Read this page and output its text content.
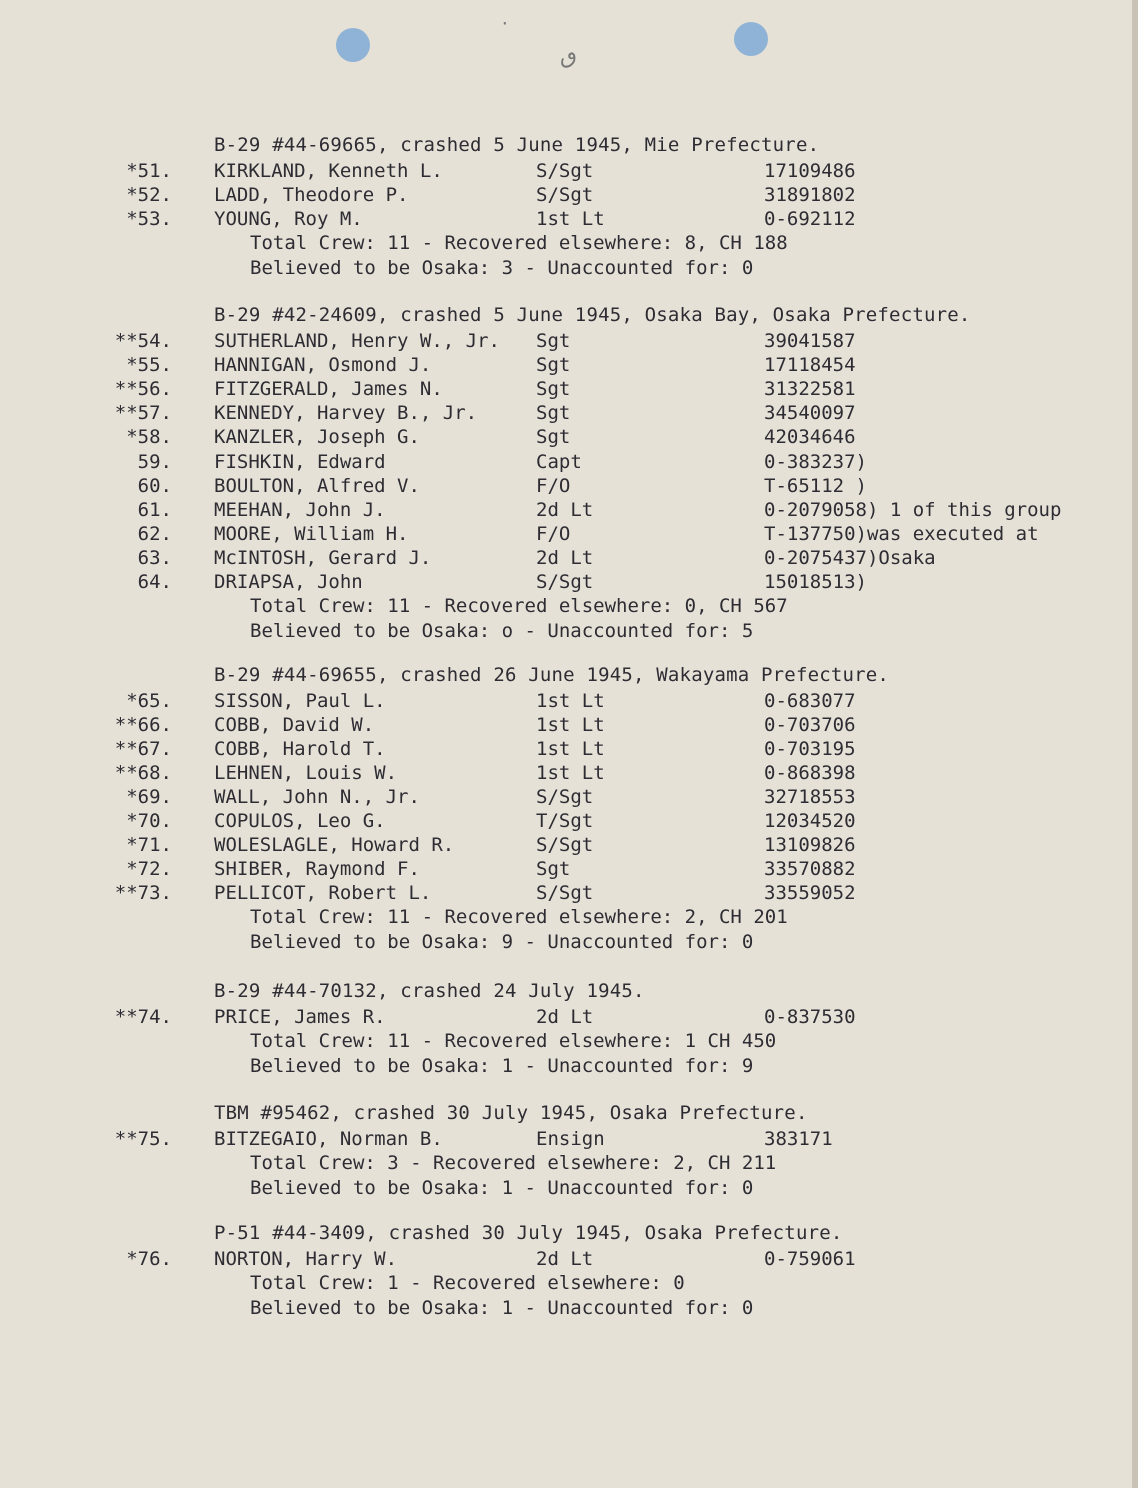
·
ٯ
B-29 #44-69665, crashed 5 June 1945, Mie Prefecture.
*51. KIRKLAND, Kenneth L.	S/Sgt	17109486
*52. LADD, Theodore P.	S/Sgt	31891802
*53. YOUNG, Roy M.	1st Lt	0-692112
Total Crew: 11 - Recovered elsewhere: 8, CH 188
Believed to be Osaka: 3 - Unaccounted for: 0
B-29 #42-24609, crashed 5 June 1945, Osaka Bay, Osaka Prefecture.
**54. SUTHERLAND, Henry W., Jr. Sgt	39041587
*55. HANNIGAN, Osmond J.	Sgt	17118454
**56. FITZGERALD, James N.	Sgt	31322581
**57. KENNEDY, Harvey B., Jr.	Sgt	34540097
*58. KANZLER, Joseph G.	Sgt	42034646
59. FISHKIN, Edward	Capt	0-383237)
60. BOULTON, Alfred V.	F/O	T-65112 )
61. MEEHAN, John J.	2d Lt	0-2079058) 1 of this group
62. MOORE, William H.	F/O	T-137750)was executed at
63. McINTOSH, Gerard J.	2d Lt	0-2075437)Osaka
64. DRIAPSA, John	S/Sgt	15018513)
Total Crew: 11 - Recovered elsewhere: 0, CH 567
Believed to be Osaka: o - Unaccounted for: 5
B-29 #44-69655, crashed 26 June 1945, Wakayama Prefecture.
*65. SISSON, Paul L.	1st Lt	0-683077
**66. COBB, David W.	1st Lt	0-703706
**67. COBB, Harold T.	1st Lt	0-703195
**68. LEHNEN, Louis W.	1st Lt	0-868398
*69. WALL, John N., Jr.	S/Sgt	32718553
*70. COPULOS, Leo G.	T/Sgt	12034520
*71. WOLESLAGLE, Howard R.	S/Sgt	13109826
*72. SHIBER, Raymond F.	Sgt	33570882
**73. PELLICOT, Robert L.	S/Sgt	33559052
Total Crew: 11 - Recovered elsewhere: 2, CH 201
Believed to be Osaka: 9 - Unaccounted for: 0
B-29 #44-70132, crashed 24 July 1945.
**74. PRICE, James R.	2d Lt	0-837530
Total Crew: 11 - Recovered elsewhere: 1 CH 450
Believed to be Osaka: 1 - Unaccounted for: 9
TBM #95462, crashed 30 July 1945, Osaka Prefecture.
**75. BITZEGAIO, Norman B.	Ensign	383171
Total Crew: 3 - Recovered elsewhere: 2, CH 211
Believed to be Osaka: 1 - Unaccounted for: 0
P-51 #44-3409, crashed 30 July 1945, Osaka Prefecture.
*76. NORTON, Harry W.	2d Lt	0-759061
Total Crew: 1 - Recovered elsewhere: 0
Believed to be Osaka: 1 - Unaccounted for: 0
